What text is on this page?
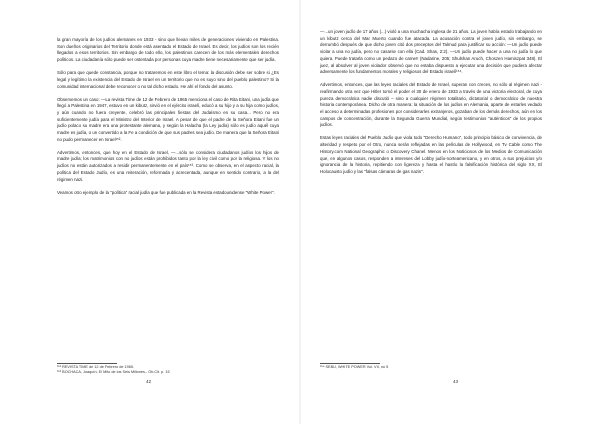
la gran mayoría de los judíos alemanes en 1933 - sino que llevan miles de generaciones viviendo en Palestina. Son dueños originarios del Territorio donde está asentado el Estado de Israel. Es decir, los judíos son los recién llegados a esos territorios. Sin embargo de todo ello, los palestinos carecen de los más elementales derechos políticos. La ciudadanía sólo puede ser ostentada por personas cuya madre tiene necesariamente que ser judía.

Sólo para que quede constancia, porque no trataremos en este libro el tema: la discusión debe ser sobre si ¿Es legal y legítimo la existencia del Estado de Israel en un territorio que no es suyo sino del pueblo palestino? Si la comunidad internacional debe reconocer o no tal dicho estado. He ahí el fondo del asunto.

Observemos un caso: —La revista Time de 12 de Febrero de 1965 menciona el caso de Rita Eitani, una judía que llegó a Palestina en 1947, estuvo en un kibutz, sirvió en el ejército israelí, educó a su hijo y a su hija como judíos, y aún cuando no fuera creyente, celebró las principales fiestas del Judaísmo en su casa... Pero no era suficientemente judía para el Ministro del Interior de Israel. A pesar de que el padre de la Señora Eitani fue un judío polaco su madre era una protestante alemana, y según la Halacha (la Ley judía) sólo es judío aquél cuya madre es judía, o un convertido a la Fe a condición de que sus padres sea judío. De manera que la Señora Eitani no pudo permanecer en Israel¹⁵².

Advertimos, entonces, que hoy en el Estado de Israel, —...sólo se considera ciudadanos judíos los hijos de madre judía; los matrimonios con no judíos están prohibidos tanto por la ley civil como por la religiosa. Y los no judíos no están autorizados a residir permanentemente en el país¹⁵³. Como se observa, en el aspecto racial, la política del Estado Judío, es una reiteración, reformada y acrecentada, aunque en sentido contrario, a la del régimen nazi.

Veamos otro ejemplo de la "política" racial judía que fue publicada en la Revista estadounidense "White Power".

¹⁵² REVISTA TIME de 12 de Febrero de 1965.
¹⁵³ BOCHACA, Joaquín, El Mito de los Seis Millones.- Ob.Cit. p. 15
42

—...un joven judío de 17 años (...) violó a una muchacha inglesa de 21 años. La joven había estado trabajando en un kibutz cerca del Mar Muerto cuando fue atacada. La acusación contra el joven judío, sin embargo, se derrumbó después de que dicho joven citó dos preceptos del Talmud para justificar su acción: —Un judío puede violar a una no judía, pero no casarse con ella (Cad. Shas, 2:2). —Un judío puede hacer a una no judía lo que quiera. Puede tratarla como un pedazo de carne!! (Nadarine, 205; Shulshan Aruch, Choszen Hamiszpat 348). El juez, al absolver al joven violador observó que no estaba dispuesto a ejecutar una decisión que pudiera afectar adversamente los fundamentos morales y religiosos del Estado israelí¹⁵⁴.

Advertimos, entonces, que las leyes raciales del Estado de Israel, superan con creces, no sólo al régimen nazi - reafirmando otra vez que Hitler tomó el poder el 30 de enero de 1933 a través de una victoria electoral, de cuya pureza democrática nadie discutió – sino a cualquier régimen totalitario, dictatorial o democrático de nuestra historia contemporánea. Dicho de otra manera: la situación de los judíos en Alemania, aparte de estarles vedado el acceso a determinadas profesiones por considerarles extranjeros, gozaban de los demás derechos, aún en los campos de concentración, durante la Segunda Guerra Mundial, según testimonios "auténticos" de los propios judíos.

Estas leyes raciales del Pueblo Judío que viola todo "Derecho Humano", todo principio básico de convivencia, de alteridad y respeto por el Otro, nunca serán reflejadas en las películas de Hollywood, en Tv Cable como The History.com National Geographic o Discovery Chanel. Menos en los Noticiosos de los Medios de Comunicación que, en algunos casos, responden a intereses del Lobby judío-norteamericano, y en otros, a sus prejuicios y/o ignorancia de la historia, repitiendo con ligereza y hasta el hastío la falsificación histórica del siglo XX, El Holocausto judío y las "falsas cámaras de gas nazis".

¹⁵⁴ SEBU, WHITE POWER Vol. VII, no 5
43
